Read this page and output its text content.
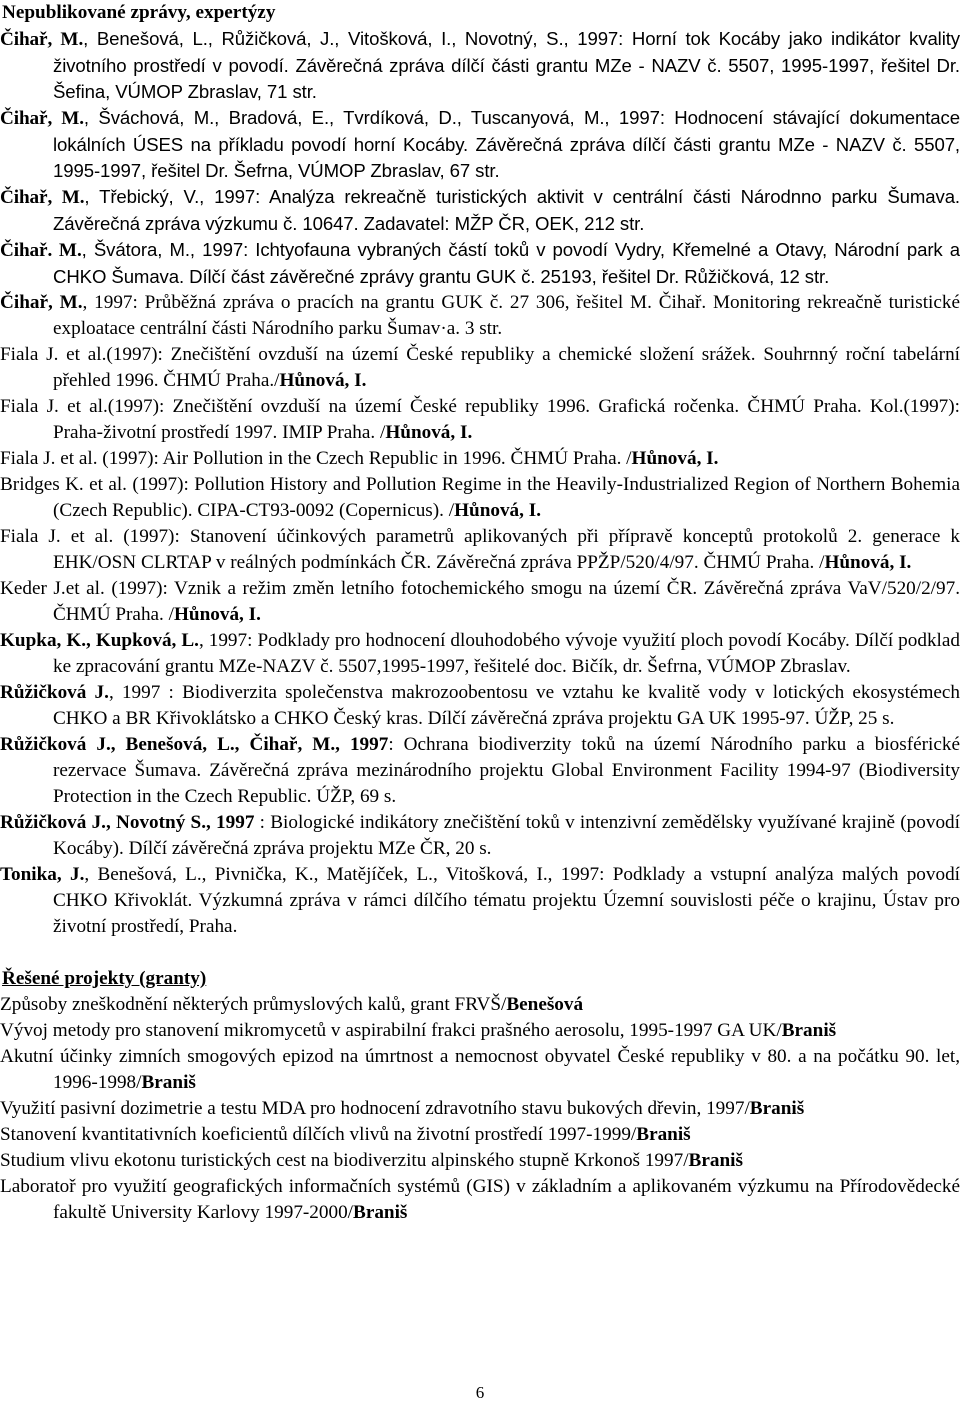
Nepublikované zprávy, expertýzy

Čihař, M., Benešová, L., Růžičková, J., Vitošková, I., Novotný, S., 1997: Horní tok Kocáby jako indikátor kvality životního prostředí v povodí. Závěrečná zpráva dílčí části grantu MZe - NAZV č. 5507, 1995-1997, řešitel Dr. Šefina, VÚMOP Zbraslav, 71 str.

Čihař, M., Šváchová, M., Bradová, E., Tvrdíková, D., Tuscanyová, M., 1997: Hodnocení stávající dokumentace lokálních ÚSES na příkladu povodí horní Kocáby. Závěrečná zpráva dílčí části grantu MZe - NAZV č. 5507, 1995-1997, řešitel Dr. Šefrna, VÚMOP Zbraslav, 67 str.

Čihař, M., Třebický, V., 1997: Analýza rekreačně turistických aktivit v centrální části Národnno parku Šumava. Závěrečná zpráva výzkumu č. 10647. Zadavatel: MŽP ČR, OEK, 212 str.

Čihař. M., Švátora, M., 1997: Ichtyofauna vybraných částí toků v povodí Vydry, Křemelné a Otavy, Národní park a CHKO Šumava. Dílčí část závěrečné zprávy grantu GUK č. 25193, řešitel Dr. Růžičková, 12 str.

Čihař, M., 1997: Průběžná zpráva o pracích na grantu GUK č. 27 306, řešitel M. Čihař. Monitoring rekreačně turistické exploatace centrální části Národního parku Šumav·a. 3 str.

Fiala J. et al.(1997): Znečištění ovzduší na území České republiky a chemické složení srážek. Souhrnný roční tabelární přehled 1996. ČHMÚ Praha./Hůnová, I.

Fiala J. et al.(1997): Znečištění ovzduší na území České republiky 1996. Grafická ročenka. ČHMÚ Praha. Kol.(1997): Praha-životní prostředí 1997. IMIP Praha. /Hůnová, I.

Fiala J. et al. (1997): Air Pollution in the Czech Republic in 1996. ČHMÚ Praha. /Hůnová, I.

Bridges K. et al. (1997): Pollution History and Pollution Regime in the Heavily-Industrialized Region of Northern Bohemia (Czech Republic). CIPA-CT93-0092 (Copernicus). /Hůnová, I.

Fiala J. et al. (1997): Stanovení účinkových parametrů aplikovaných při přípravě konceptů protokolů 2. generace k EHK/OSN CLRTAP v reálných podmínkách ČR. Závěrečná zpráva PPŽP/520/4/97. ČHMÚ Praha. /Hůnová, I.

Keder J.et al. (1997): Vznik a režim změn letního fotochemického smogu na území ČR. Závěrečná zpráva VaV/520/2/97. ČHMÚ Praha. /Hůnová, I.

Kupka, K., Kupková, L., 1997: Podklady pro hodnocení dlouhodobého vývoje využití ploch povodí Kocáby. Dílčí podklad ke zpracování grantu MZe-NAZV č. 5507,1995-1997, řešitelé doc. Bičík, dr. Šefrna, VÚMOP Zbraslav.

Růžičková J., 1997 : Biodiverzita společenstva makrozoobentosu ve vztahu ke kvalitě vody v lotických ekosystémech CHKO a BR Křivoklátsko a CHKO Český kras. Dílčí závěrečná zpráva projektu GA UK 1995-97. ÚŽP, 25 s.

Růžičková J., Benešová, L., Čihař, M., 1997: Ochrana biodiverzity toků na území Národního parku a biosférické rezervace Šumava. Závěrečná zpráva mezinárodního projektu Global Environment Facility 1994-97 (Biodiversity Protection in the Czech Republic. ÚŽP, 69 s.

Růžičková J., Novotný S., 1997 : Biologické indikátory znečištění toků v intenzivní zemědělsky využívané krajině (povodí Kocáby). Dílčí závěrečná zpráva projektu MZe ČR, 20 s.

Tonika, J., Benešová, L., Pivnička, K., Matějíček, L., Vitošková, I., 1997: Podklady a vstupní analýza malých povodí CHKO Křivoklát. Výzkumná zpráva v rámci dílčího tématu projektu Územní souvislosti péče o krajinu, Ústav pro životní prostředí, Praha.

Řešené projekty (granty)

Způsoby zneškodnění některých průmyslových kalů, grant FRVŠ/Benešová

Vývoj metody pro stanovení mikromycetů v aspirabilní frakci prašného aerosolu, 1995-1997 GA UK/Braniš

Akutní účinky zimních smogových epizod na úmrtnost a nemocnost obyvatel České republiky v 80. a na počátku 90. let, 1996-1998/Braniš

Využití pasivní dozimetrie a testu MDA pro hodnocení zdravotního stavu bukových dřevin, 1997/Braniš

Stanovení kvantitativních koeficientů dílčích vlivů na životní prostředí 1997-1999/Braniš

Studium vlivu ekotonu turistických cest na biodiverzitu alpinského stupně Krkonoš 1997/Braniš

Laboratoř pro využití geografických informačních systémů (GIS) v základním a aplikovaném výzkumu na Přírodovědecké fakultě University Karlovy 1997-2000/Braniš

6
